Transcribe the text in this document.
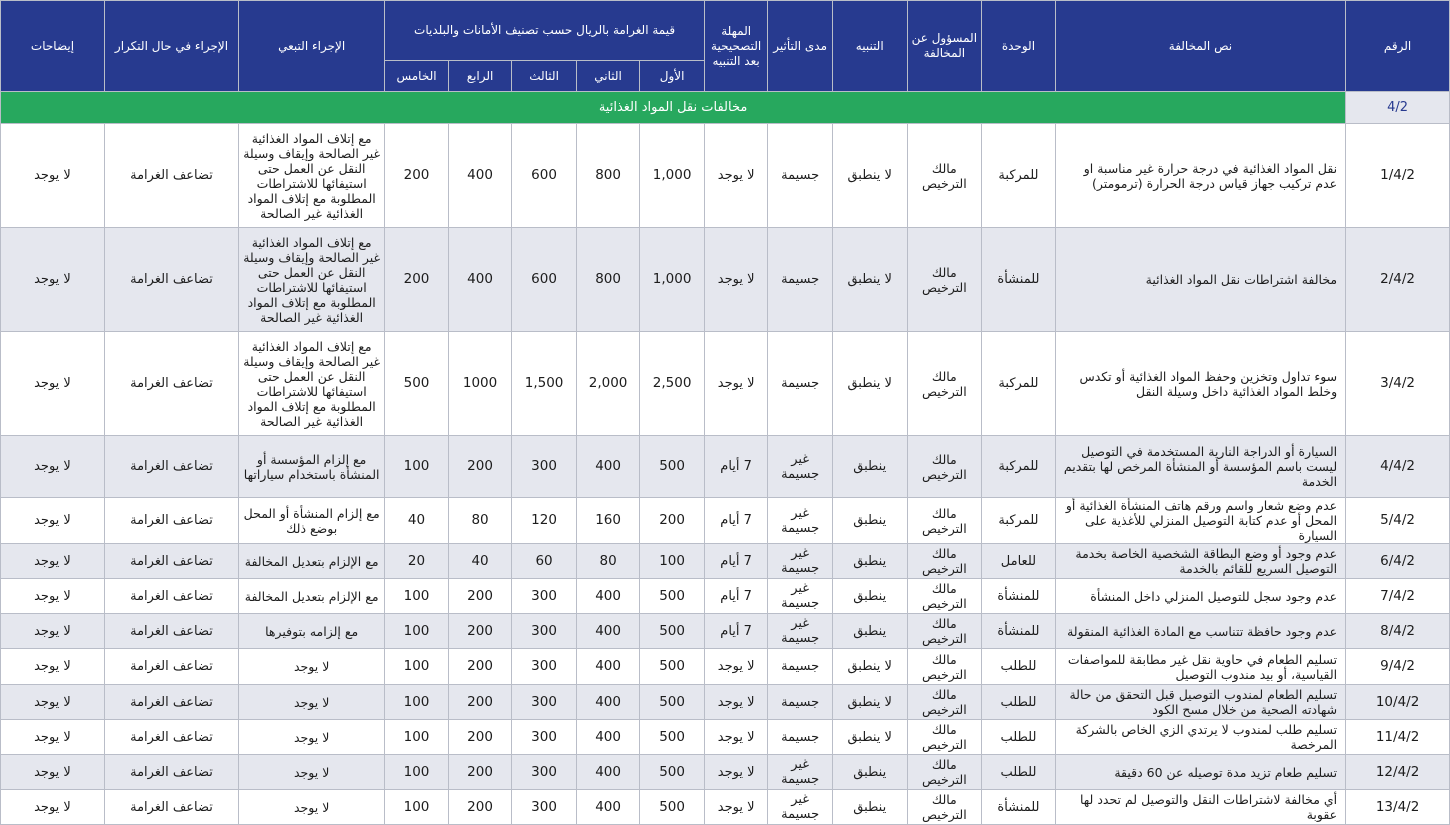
الرقم	نص المخالفة	الوحدة	المسؤول عن المخالفة	التنبيه	مدى التأثير	المهلة التصحيحية بعد التنبيه	قيمة الغرامة بالريال حسب تصنيف الأمانات والبلديات					الإجراء التبعي	الإجراء في حال التكرار	إيضاحات
							الأول	الثاني	الثالث	الرابع	الخامس			
4/2	مخالفات نقل المواد الغذائية													
1/4/2	نقل المواد الغذائية في درجة حرارة غير مناسبة او عدم تركيب جهاز قياس درجة الحرارة (ترمومتر)	للمركبة	مالك الترخيص	لا ينطبق	جسيمة	لا يوجد	1,000	800	600	400	200	مع إتلاف المواد الغذائية غير الصالحة وإيقاف وسيلة النقل عن العمل حتى استيفائها للاشتراطات المطلوبة مع إتلاف المواد الغذائية غير الصالحة	تضاعف الغرامة	لا يوجد
2/4/2	مخالفة اشتراطات نقل المواد الغذائية	للمنشأة	مالك الترخيص	لا ينطبق	جسيمة	لا يوجد	1,000	800	600	400	200	مع إتلاف المواد الغذائية غير الصالحة وإيقاف وسيلة النقل عن العمل حتى استيفائها للاشتراطات المطلوبة مع إتلاف المواد الغذائية غير الصالحة	تضاعف الغرامة	لا يوجد
3/4/2	سوء تداول وتخزين وحفظ المواد الغذائية أو تكدس وخلط المواد الغذائية داخل وسيلة النقل	للمركبة	مالك الترخيص	لا ينطبق	جسيمة	لا يوجد	2,500	2,000	1,500	1000	500	مع إتلاف المواد الغذائية غير الصالحة وإيقاف وسيلة النقل عن العمل حتى استيفائها للاشتراطات المطلوبة مع إتلاف المواد الغذائية غير الصالحة	تضاعف الغرامة	لا يوجد
4/4/2	السيارة أو الدراجة النارية المستخدمة في التوصيل ليست باسم المؤسسة أو المنشأة المرخص لها بتقديم الخدمة	للمركبة	مالك الترخيص	ينطبق	غير جسيمة	7 أيام	500	400	300	200	100	مع إلزام المؤسسة أو المنشأة باستخدام سياراتها	تضاعف الغرامة	لا يوجد
5/4/2	عدم وضع شعار واسم ورقم هاتف المنشأة الغذائية أو المحل أو عدم كتابة التوصيل المنزلي للأغذية على السيارة	للمركبة	مالك الترخيص	ينطبق	غير جسيمة	7 أيام	200	160	120	80	40	مع إلزام المنشأة أو المحل بوضع ذلك	تضاعف الغرامة	لا يوجد
6/4/2	عدم وجود أو وضع البطاقة الشخصية الخاصة بخدمة التوصيل السريع للقائم بالخدمة	للعامل	مالك الترخيص	ينطبق	غير جسيمة	7 أيام	100	80	60	40	20	مع الإلزام بتعديل المخالفة	تضاعف الغرامة	لا يوجد
7/4/2	عدم وجود سجل للتوصيل المنزلي داخل المنشأة	للمنشأة	مالك الترخيص	ينطبق	غير جسيمة	7 أيام	500	400	300	200	100	مع الإلزام بتعديل المخالفة	تضاعف الغرامة	لا يوجد
8/4/2	عدم وجود حافظة تتناسب مع المادة الغذائية المنقولة	للمنشأة	مالك الترخيص	ينطبق	غير جسيمة	7 أيام	500	400	300	200	100	مع إلزامه بتوفيرها	تضاعف الغرامة	لا يوجد
9/4/2	تسليم الطعام في حاوية نقل غير مطابقة للمواصفات القياسية، أو بيد مندوب التوصيل	للطلب	مالك الترخيص	لا ينطبق	جسيمة	لا يوجد	500	400	300	200	100	لا يوجد	تضاعف الغرامة	لا يوجد
10/4/2	تسليم الطعام لمندوب التوصيل قبل التحقق من حالة شهادته الصحية من خلال مسح الكود	للطلب	مالك الترخيص	لا ينطبق	جسيمة	لا يوجد	500	400	300	200	100	لا يوجد	تضاعف الغرامة	لا يوجد
11/4/2	تسليم طلب لمندوب لا يرتدي الزي الخاص بالشركة المرخصة	للطلب	مالك الترخيص	لا ينطبق	جسيمة	لا يوجد	500	400	300	200	100	لا يوجد	تضاعف الغرامة	لا يوجد
12/4/2	تسليم طعام تزيد مدة توصيله عن 60 دقيقة	للطلب	مالك الترخيص	ينطبق	غير جسيمة	لا يوجد	500	400	300	200	100	لا يوجد	تضاعف الغرامة	لا يوجد
13/4/2	أي مخالفة لاشتراطات النقل والتوصيل لم تحدد لها عقوبة	للمنشأة	مالك الترخيص	ينطبق	غير جسيمة	لا يوجد	500	400	300	200	100	لا يوجد	تضاعف الغرامة	لا يوجد
